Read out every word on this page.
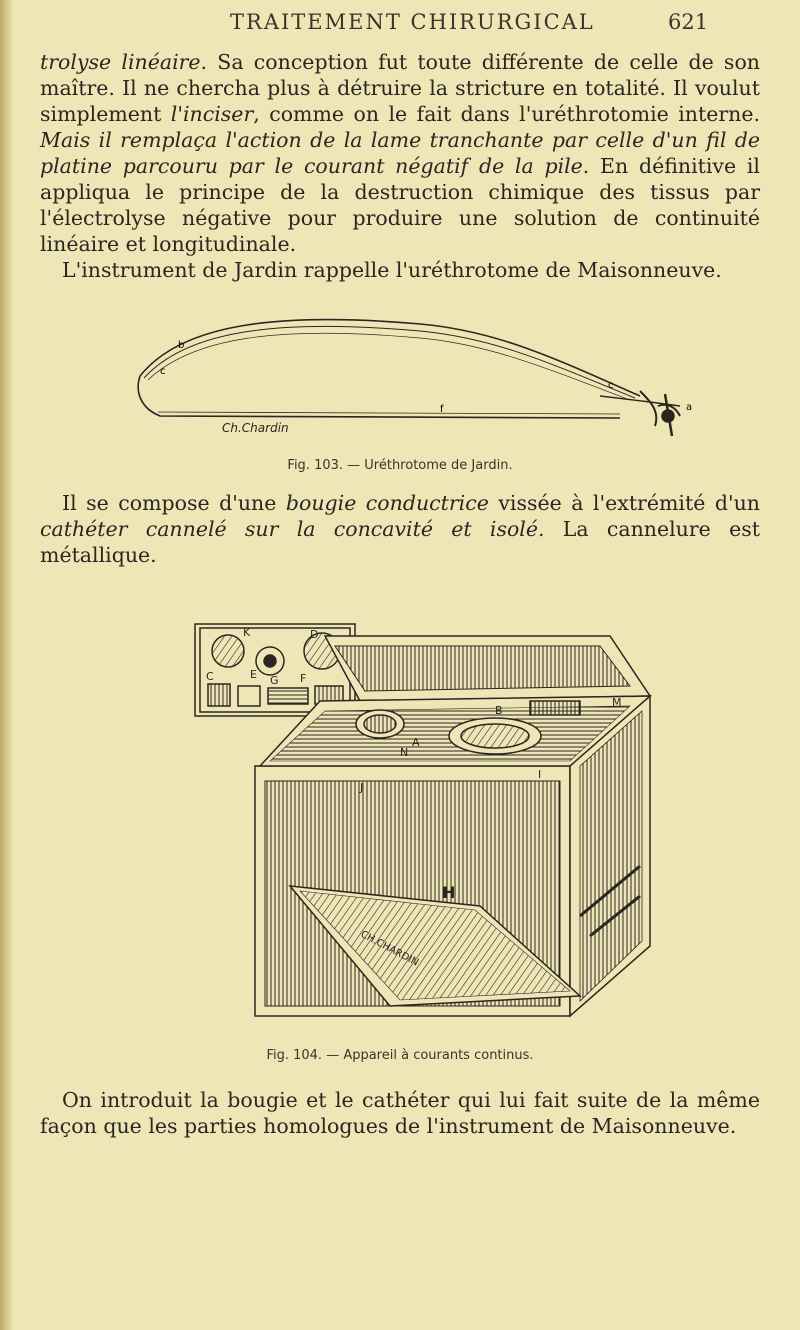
TRAITEMENT CHIRURGICAL	621

trolyse linéaire. Sa conception fut toute différente de celle de son maître. Il ne chercha plus à détruire la stricture en totalité. Il voulut simplement l'inciser, comme on le fait dans l'uréthrotomie interne. Mais il remplaça l'action de la lame tranchante par celle d'un fil de platine parcouru par le courant négatif de la pile. En définitive il appliqua le principe de la destruction chimique des tissus par l'électrolyse négative pour produire une solution de continuité linéaire et longitudinale.

L'instrument de Jardin rappelle l'uréthrotome de Maisonneuve.

b
c
f
c
a
Ch.Chardin
Fig. 103. — Uréthrotome de Jardin.

Il se compose d'une bougie conductrice vissée à l'extrémité d'un cathéter cannelé sur la concavité et isolé. La cannelure est métallique.

K	D
E
C	G F
B
A
J
N
M
I
H
CH.CHARDIN
Fig. 104. — Appareil à courants continus.

On introduit la bougie et le cathéter qui lui fait suite de la même façon que les parties homologues de l'instrument de Maisonneuve.
